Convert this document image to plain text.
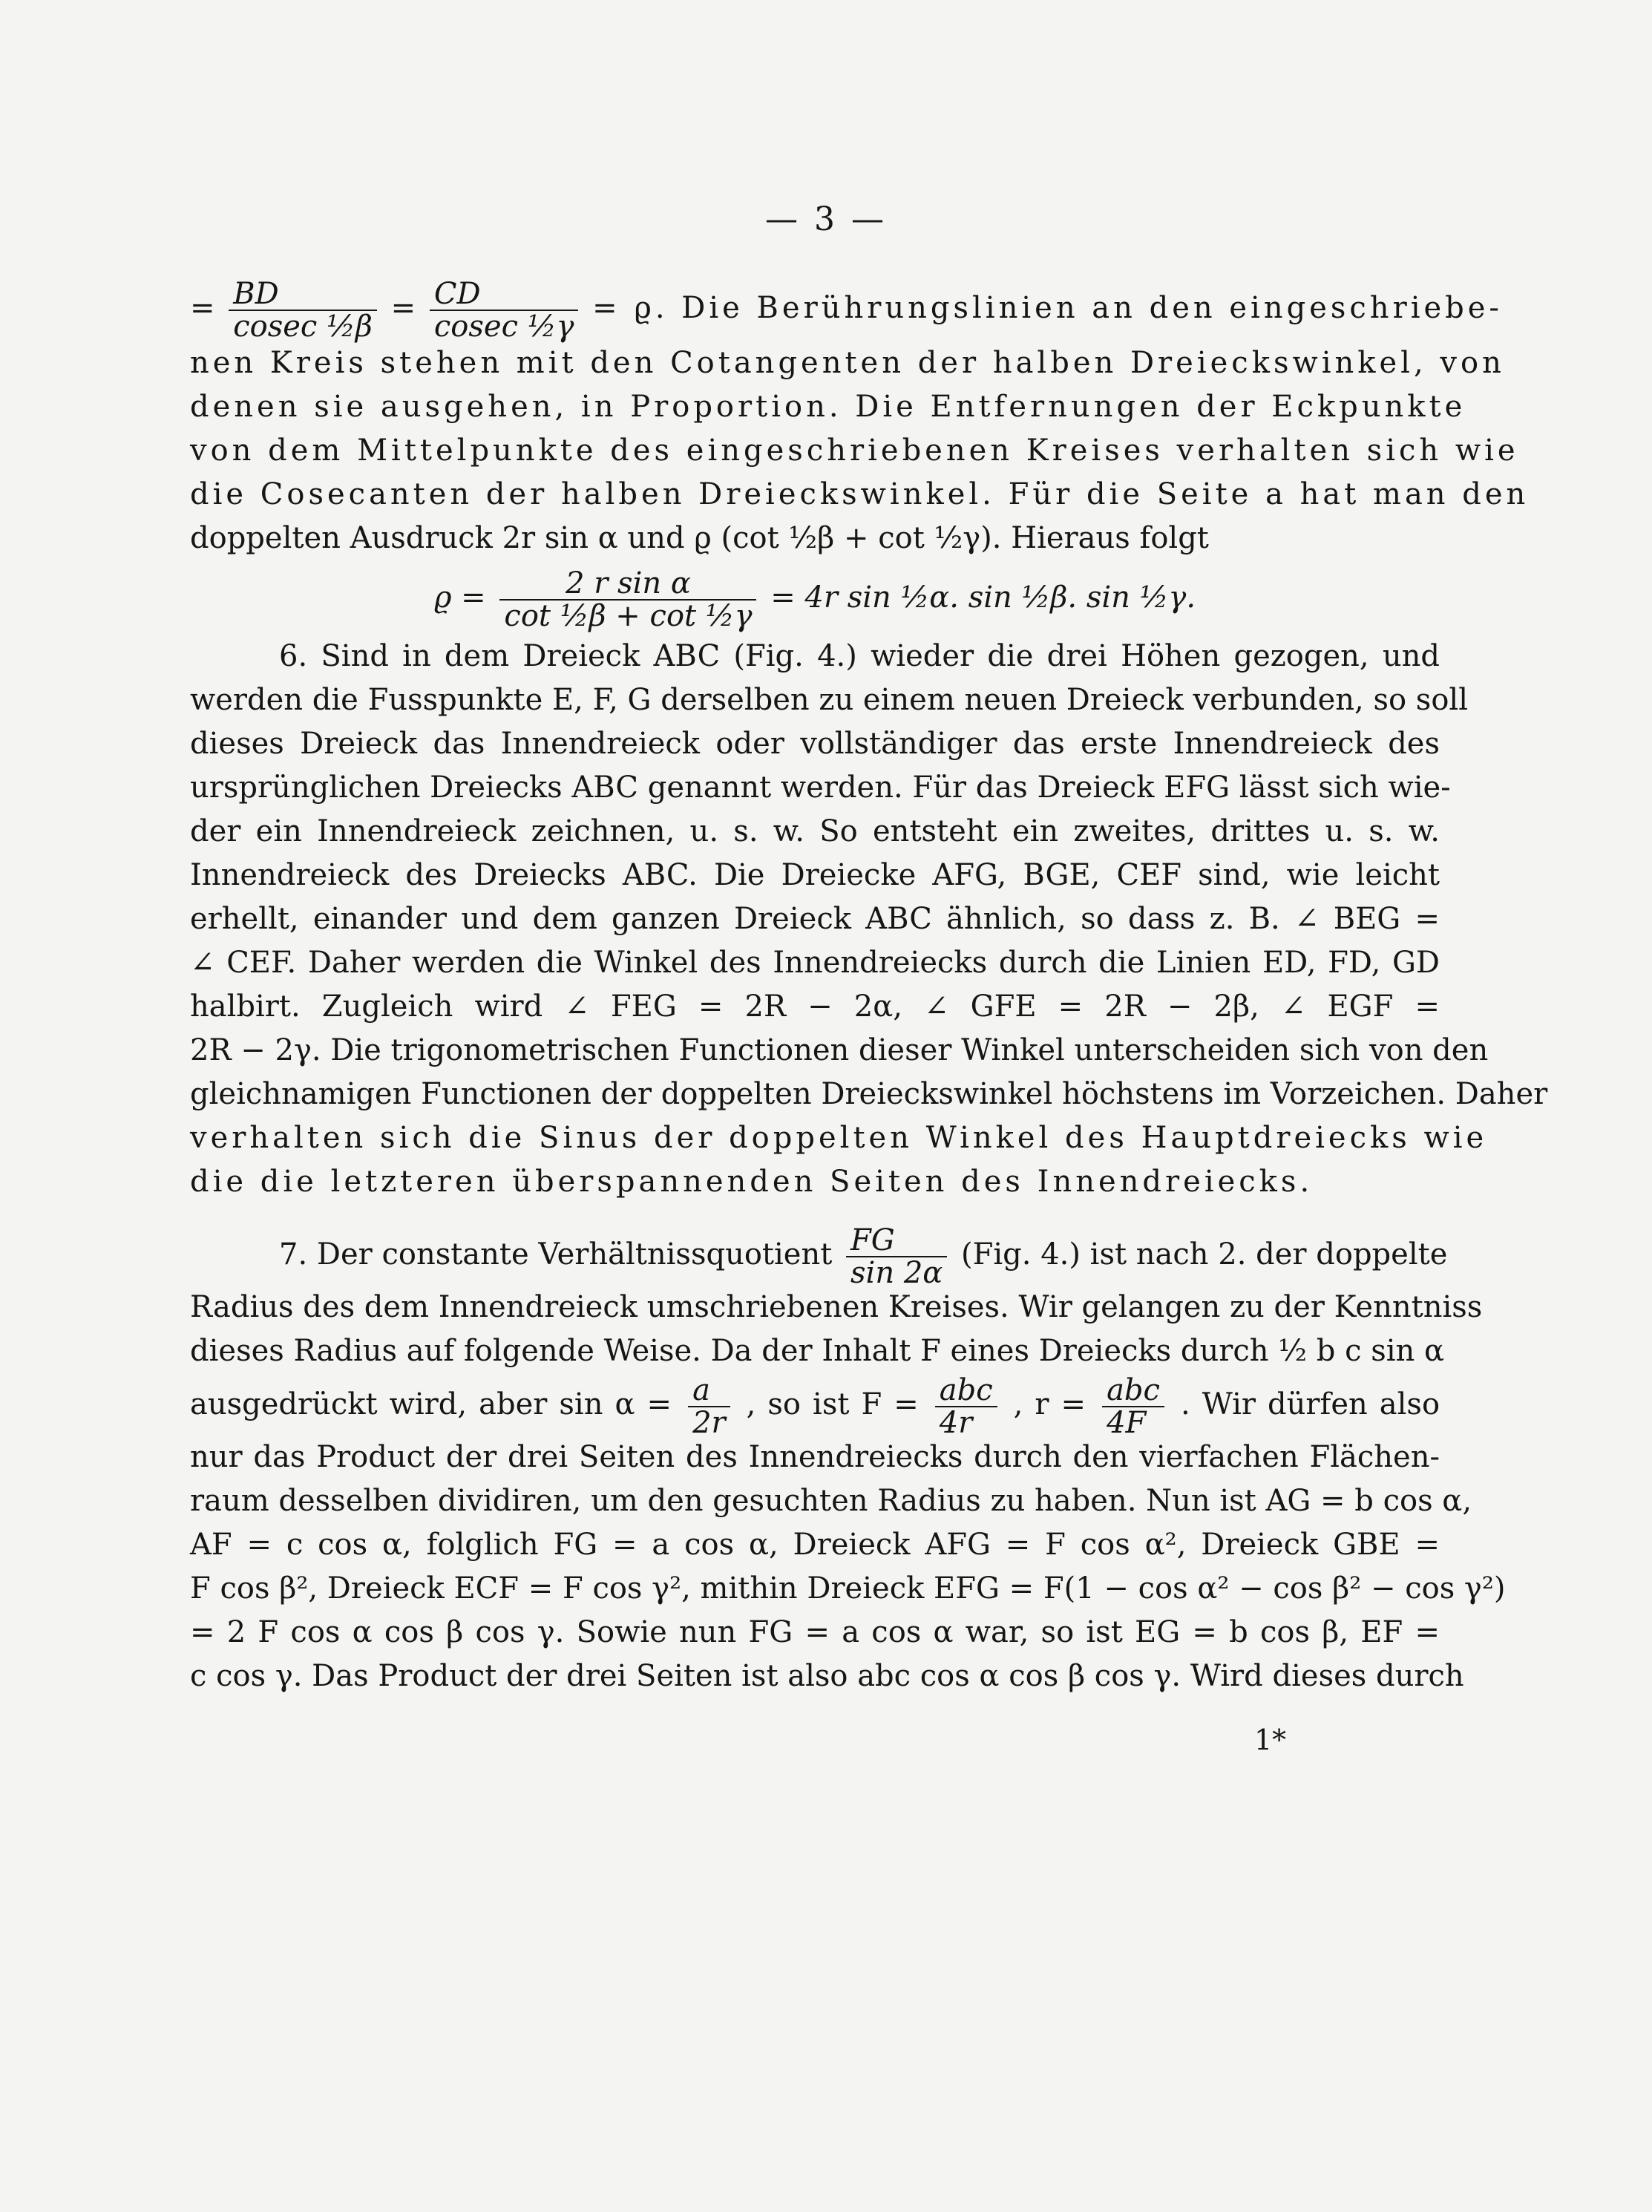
— 3 —
= $\frac{BD}{\text{cosec ½β}} = \frac{CD}{\text{cosec ½γ}} = ϱ$. Die Berührungslinien an den eingeschriebe-
nen Kreis stehen mit den Cotangenten der halben Dreieckswinkel, von
denen sie ausgehen, in Proportion. Die Entfernungen der Eckpunkte
von dem Mittelpunkte des eingeschriebenen Kreises verhalten sich wie
die Cosecanten der halben Dreieckswinkel. Für die Seite a hat man den
doppelten Ausdruck 2r sin α und ϱ (cot ½β + cot ½γ). Hieraus folgt
$ϱ = \frac{\text{2 r sin α}}{\text{cot ½β + cot ½γ}} = 4r$ sin ½α. sin ½β. sin ½γ.
6. Sind in dem Dreieck ABC (Fig. 4.) wieder die drei Höhen gezogen, und
werden die Fusspunkte E, F, G derselben zu einem neuen Dreieck verbunden, so soll
dieses Dreieck das Innendreieck oder vollständiger das erste Innendreieck des
ursprünglichen Dreiecks ABC genannt werden. Für das Dreieck EFG lässt sich wie-
der ein Innendreieck zeichnen, u. s. w. So entsteht ein zweites, drittes u. s. w.
Innendreieck des Dreiecks ABC. Die Dreiecke AFG, BGE, CEF sind, wie leicht
erhellt, einander und dem ganzen Dreieck ABC ähnlich, so dass z. B. ∠ BEG =
∠ CEF. Daher werden die Winkel des Innendreiecks durch die Linien ED, FD, GD
halbirt. Zugleich wird ∠ FEG = 2R − 2α, ∠ GFE = 2R − 2β, ∠ EGF =
2R − 2γ. Die trigonometrischen Functionen dieser Winkel unterscheiden sich von den
gleichnamigen Functionen der doppelten Dreieckswinkel höchstens im Vorzeichen. Daher
verhalten sich die Sinus der doppelten Winkel des Hauptdreiecks wie
die die letzteren überspannenden Seiten des Innendreiecks.
7. Der constante Verhältnissquotient $\frac{FG}{\sin 2\alpha} (Fig$. 4.) ist nach 2. der doppelte
Radius des dem Innendreieck umschriebenen Kreises. Wir gelangen zu der Kenntniss
dieses Radius auf folgende Weise. Da der Inhalt F eines Dreiecks durch ½ b c sin α
ausgedrückt wird, aber $\sin \alpha = \frac{a}{2r}$ , so ist $F = \frac{\text{abc}}{4r}$ , $r = \frac{\text{abc}}{4F}$ . Wir dürfen also
nur das Product der drei Seiten des Innendreiecks durch den vierfachen Flächen-
raum desselben dividiren, um den gesuchten Radius zu haben. Nun ist AG = b cos α,
AF = c cos α, folglich FG = a cos α, Dreieck AFG = F cos α², Dreieck GBE =
F cos β², Dreieck ECF = F cos γ², mithin Dreieck EFG = F(1 − cos α² − cos β² − cos γ²)
= 2 F cos α cos β cos γ. Sowie nun FG = a cos α war, so ist EG = b cos β, EF =
c cos γ. Das Product der drei Seiten ist also abc cos α cos β cos γ. Wird dieses durch
1*
